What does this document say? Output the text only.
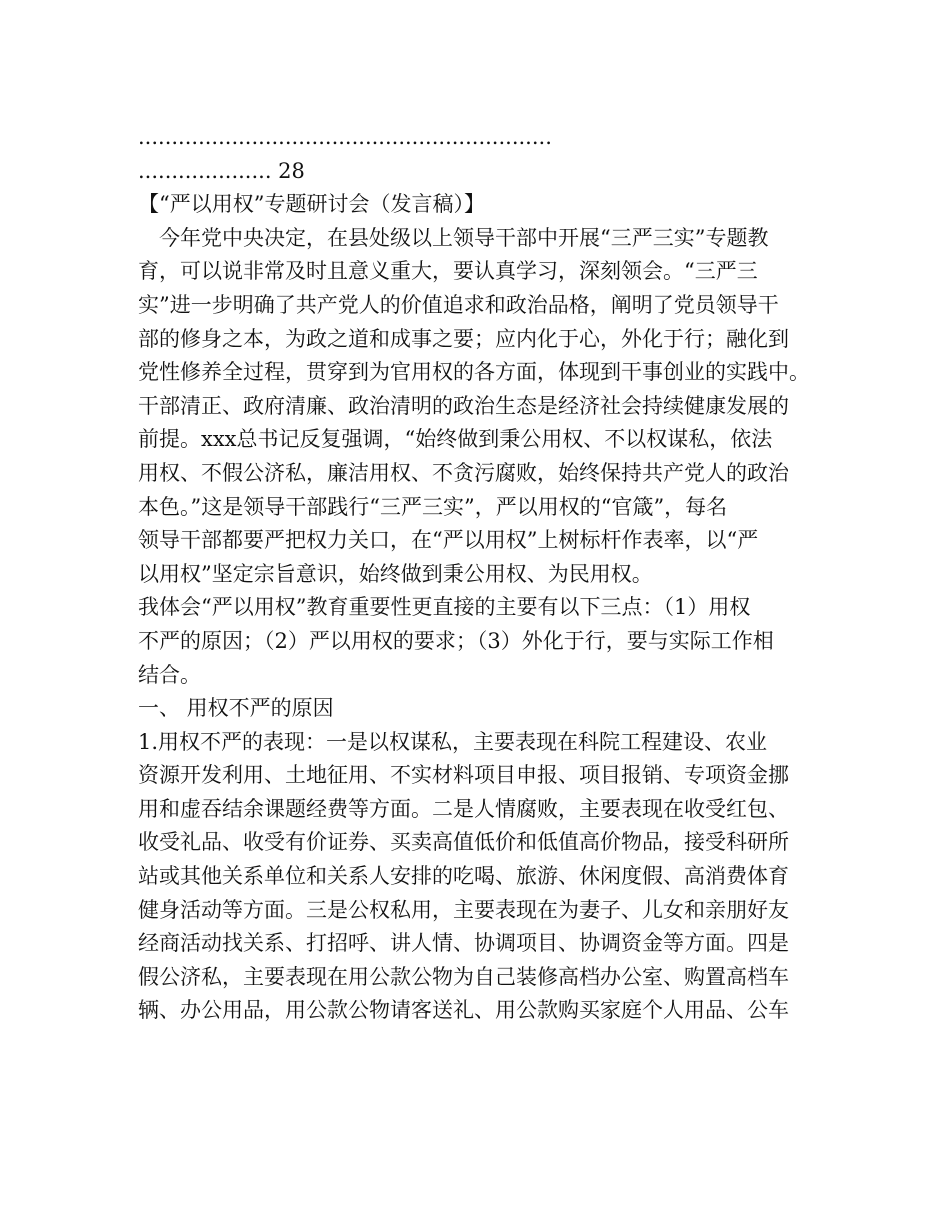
..............................................................
.................... 28
【“严以用权”专题研讨会（发言稿）】
　今年党中央决定，在县处级以上领导干部中开展“三严三实”专题教
育，可以说非常及时且意义重大，要认真学习，深刻领会。“三严三
实”进一步明确了共产党人的价值追求和政治品格，阐明了党员领导干
部的修身之本，为政之道和成事之要；应内化于心，外化于行；融化到
党性修养全过程，贯穿到为官用权的各方面，体现到干事创业的实践中。
干部清正、政府清廉、政治清明的政治生态是经济社会持续健康发展的
前提。xxx总书记反复强调，“始终做到秉公用权、不以权谋私，依法
用权、不假公济私，廉洁用权、不贪污腐败，始终保持共产党人的政治
本色。”这是领导干部践行“三严三实”，严以用权的“官箴”，每名
领导干部都要严把权力关口，在“严以用权”上树标杆作表率，以“严
以用权”坚定宗旨意识，始终做到秉公用权、为民用权。
我体会“严以用权”教育重要性更直接的主要有以下三点：（1）用权
不严的原因；（2）严以用权的要求；（3）外化于行，要与实际工作相
结合。
一、 用权不严的原因
1.用权不严的表现：一是以权谋私，主要表现在科院工程建设、农业
资源开发利用、土地征用、不实材料项目申报、项目报销、专项资金挪
用和虚吞结余课题经费等方面。二是人情腐败，主要表现在收受红包、
收受礼品、收受有价证券、买卖高值低价和低值高价物品，接受科研所
站或其他关系单位和关系人安排的吃喝、旅游、休闲度假、高消费体育
健身活动等方面。三是公权私用，主要表现在为妻子、儿女和亲朋好友
经商活动找关系、打招呼、讲人情、协调项目、协调资金等方面。四是
假公济私，主要表现在用公款公物为自己装修高档办公室、购置高档车
辆、办公用品，用公款公物请客送礼、用公款购买家庭个人用品、公车
